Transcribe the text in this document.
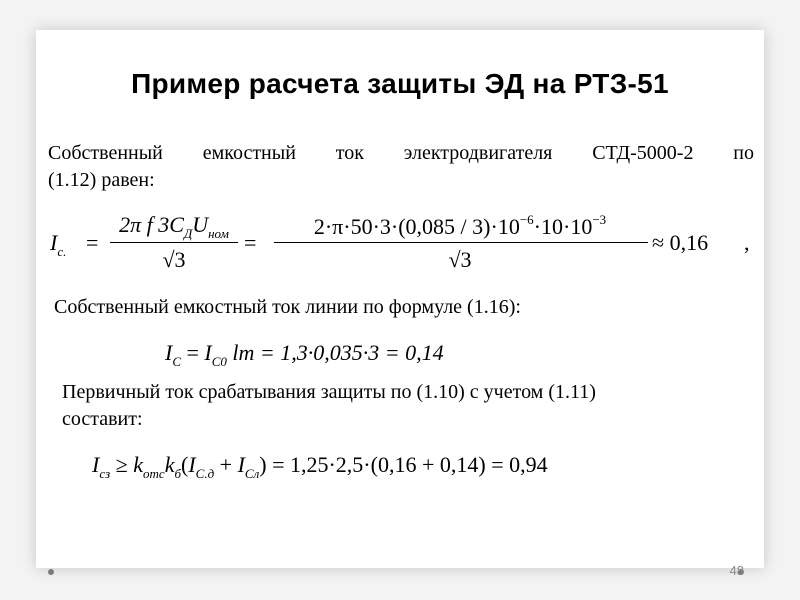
Пример расчета защиты ЭД на РТЗ-51
Собственный емкостный ток электродвигателя СТД-5000-2 по
(1.12) равен:
$I_{с.}$ =
2π f $3C_ДU_{ном}$
√3
=
$2\cdot\pi\cdot 50\cdot 3\cdot(0,085 / 3)\cdot 10^{-6}\cdot 10\cdot 10^{-3}$
√3
≈ 0,16 ,
Собственный емкостный ток линии по формуле (1.16):
$I_C = I_{C0}$ lm = 1,3·0,035·3 = 0,14
Первичный ток срабатывания защиты по (1.10) с учетом (1.11)
составит:
$I_{cз} \ge k_{отс}k_б(I_{С.д} + I_{Сл}) = 1,25\cdot 2,5\cdot(0,16 + 0,14) = 0,94$
48
